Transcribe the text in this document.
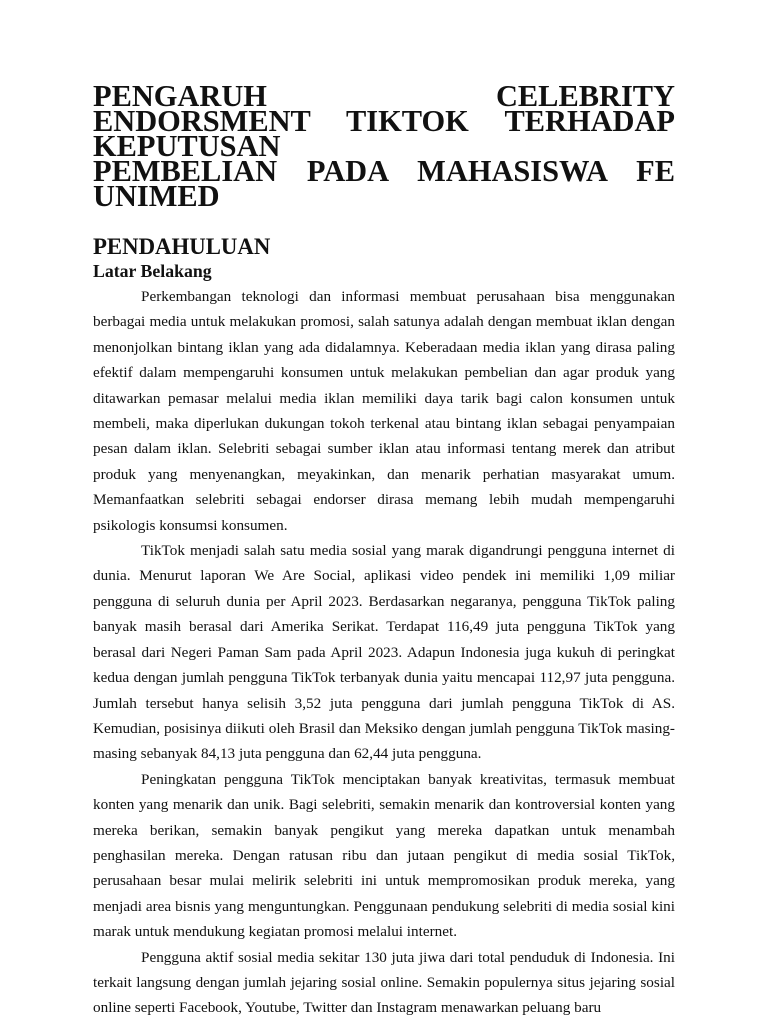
PENGARUH CELEBRITY ENDORSMENT TIKTOK TERHADAP KEPUTUSAN
PEMBELIAN PADA MAHASISWA FE UNIMED
PENDAHULUAN
Latar Belakang

Perkembangan teknologi dan informasi membuat perusahaan bisa menggunakan berbagai media untuk melakukan promosi, salah satunya adalah dengan membuat iklan dengan menonjolkan bintang iklan yang ada didalamnya. Keberadaan media iklan yang dirasa paling efektif dalam mempengaruhi konsumen untuk melakukan pembelian dan agar produk yang ditawarkan pemasar melalui media iklan memiliki daya tarik bagi calon konsumen untuk membeli, maka diperlukan dukungan tokoh terkenal atau bintang iklan sebagai penyampaian pesan dalam iklan. Selebriti sebagai sumber iklan atau informasi tentang merek dan atribut produk yang menyenangkan, meyakinkan, dan menarik perhatian masyarakat umum. Memanfaatkan selebriti sebagai endorser dirasa memang lebih mudah mempengaruhi psikologis konsumsi konsumen.

TikTok menjadi salah satu media sosial yang marak digandrungi pengguna internet di dunia. Menurut laporan We Are Social, aplikasi video pendek ini memiliki 1,09 miliar pengguna di seluruh dunia per April 2023. Berdasarkan negaranya, pengguna TikTok paling banyak masih berasal dari Amerika Serikat. Terdapat 116,49 juta pengguna TikTok yang berasal dari Negeri Paman Sam pada April 2023. Adapun Indonesia juga kukuh di peringkat kedua dengan jumlah pengguna TikTok terbanyak dunia yaitu mencapai 112,97 juta pengguna. Jumlah tersebut hanya selisih 3,52 juta pengguna dari jumlah pengguna TikTok di AS. Kemudian, posisinya diikuti oleh Brasil dan Meksiko dengan jumlah pengguna TikTok masing-masing sebanyak 84,13 juta pengguna dan 62,44 juta pengguna.

Peningkatan pengguna TikTok menciptakan banyak kreativitas, termasuk membuat konten yang menarik dan unik. Bagi selebriti, semakin menarik dan kontroversial konten yang mereka berikan, semakin banyak pengikut yang mereka dapatkan untuk menambah penghasilan mereka. Dengan ratusan ribu dan jutaan pengikut di media sosial TikTok, perusahaan besar mulai melirik selebriti ini untuk mempromosikan produk mereka, yang menjadi area bisnis yang menguntungkan. Penggunaan pendukung selebriti di media sosial kini marak untuk mendukung kegiatan promosi melalui internet.

Pengguna aktif sosial media sekitar 130 juta jiwa dari total penduduk di Indonesia. Ini terkait langsung dengan jumlah jejaring sosial online. Semakin populernya situs jejaring sosial online seperti Facebook, Youtube, Twitter dan Instagram menawarkan peluang baru
